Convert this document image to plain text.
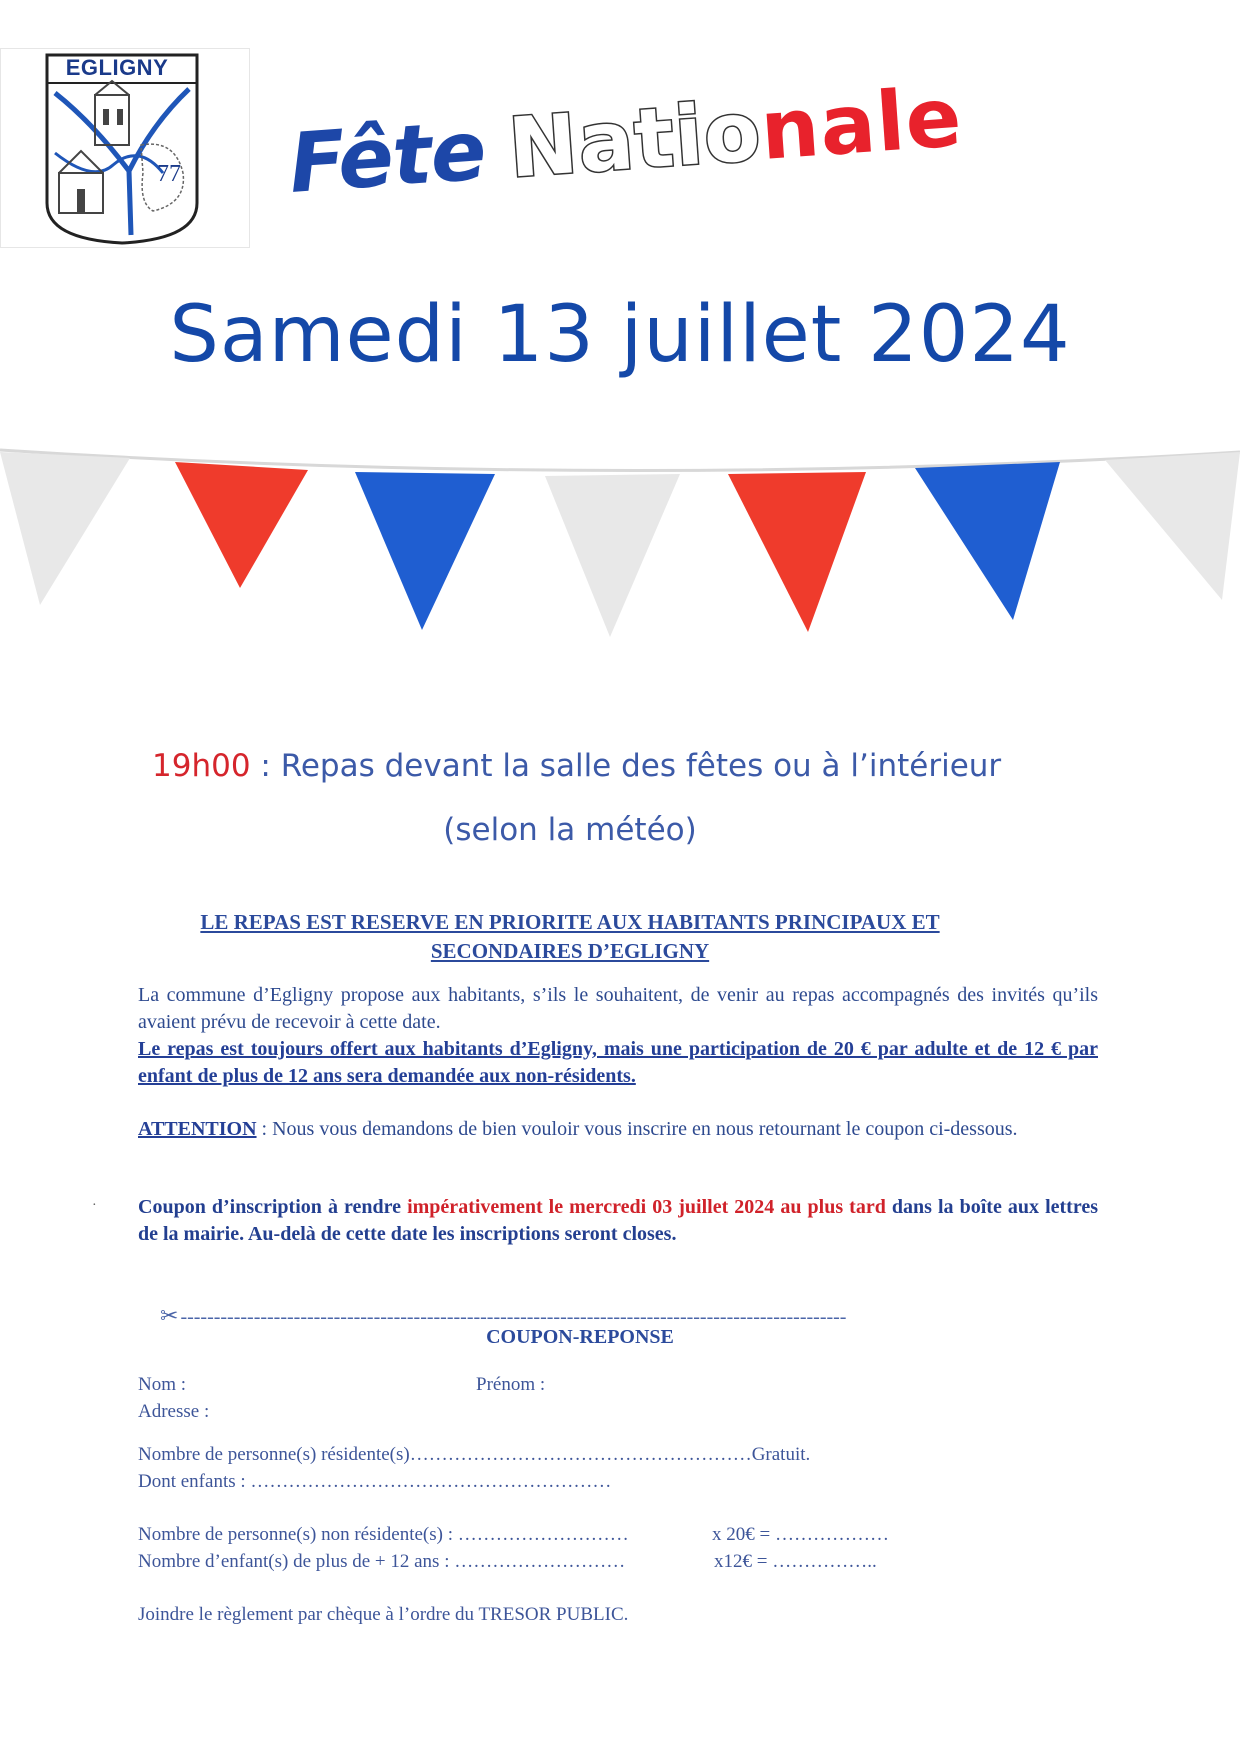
EGLIGNY
77 Fête Nationale
Samedi 13 juillet 2024
19h00 : Repas devant la salle des fêtes ou à l’intérieur
(selon la météo)
LE REPAS EST RESERVE EN PRIORITE AUX HABITANTS PRINCIPAUX ET
SECONDAIRES D’EGLIGNY
La commune d’Egligny propose aux habitants, s’ils le souhaitent, de venir au repas accompagnés des invités qu’ils avaient prévu de recevoir à cette date.
Le repas est toujours offert aux habitants d’Egligny, mais une participation de 20 € par adulte et de 12 € par enfant de plus de 12 ans sera demandée aux non-résidents.
ATTENTION : Nous vous demandons de bien vouloir vous inscrire en nous retournant le coupon ci-dessous.
· Coupon d’inscription à rendre impérativement le mercredi 03 juillet 2024 au plus tard dans la boîte aux lettres de la mairie. Au-delà de cette date les inscriptions seront closes.
✂ ----------------------------------------------------------------------------------------------------
COUPON-REPONSE
Nom :	Prénom :
Adresse :
Nombre de personne(s) résidente(s)………………………………………………Gratuit.
Dont enfants : …………………………………………………
Nombre de personne(s) non résidente(s) : ………………………	x 20€ = ………………
Nombre d’enfant(s) de plus de + 12 ans : ………………………	x12€ = ……………..
Joindre le règlement par chèque à l’ordre du TRESOR PUBLIC.
